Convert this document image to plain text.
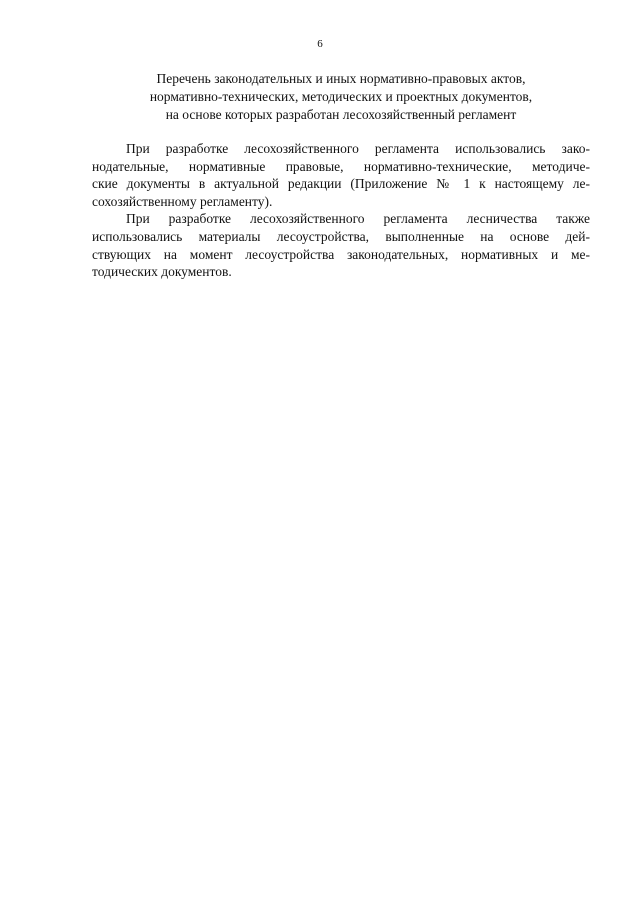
6
Перечень законодательных и иных нормативно-правовых актов,
нормативно-технических, методических и проектных документов,
на основе которых разработан лесохозяйственный регламент

При разработке лесохозяйственного регламента использовались зако-
нодательные, нормативные правовые, нормативно-технические, методиче-
ские документы в актуальной редакции (Приложение № 1 к настоящему ле-
сохозяйственному регламенту).

При разработке лесохозяйственного регламента лесничества также
использовались материалы лесоустройства, выполненные на основе дей-
ствующих на момент лесоустройства законодательных, нормативных и ме-
тодических документов.
